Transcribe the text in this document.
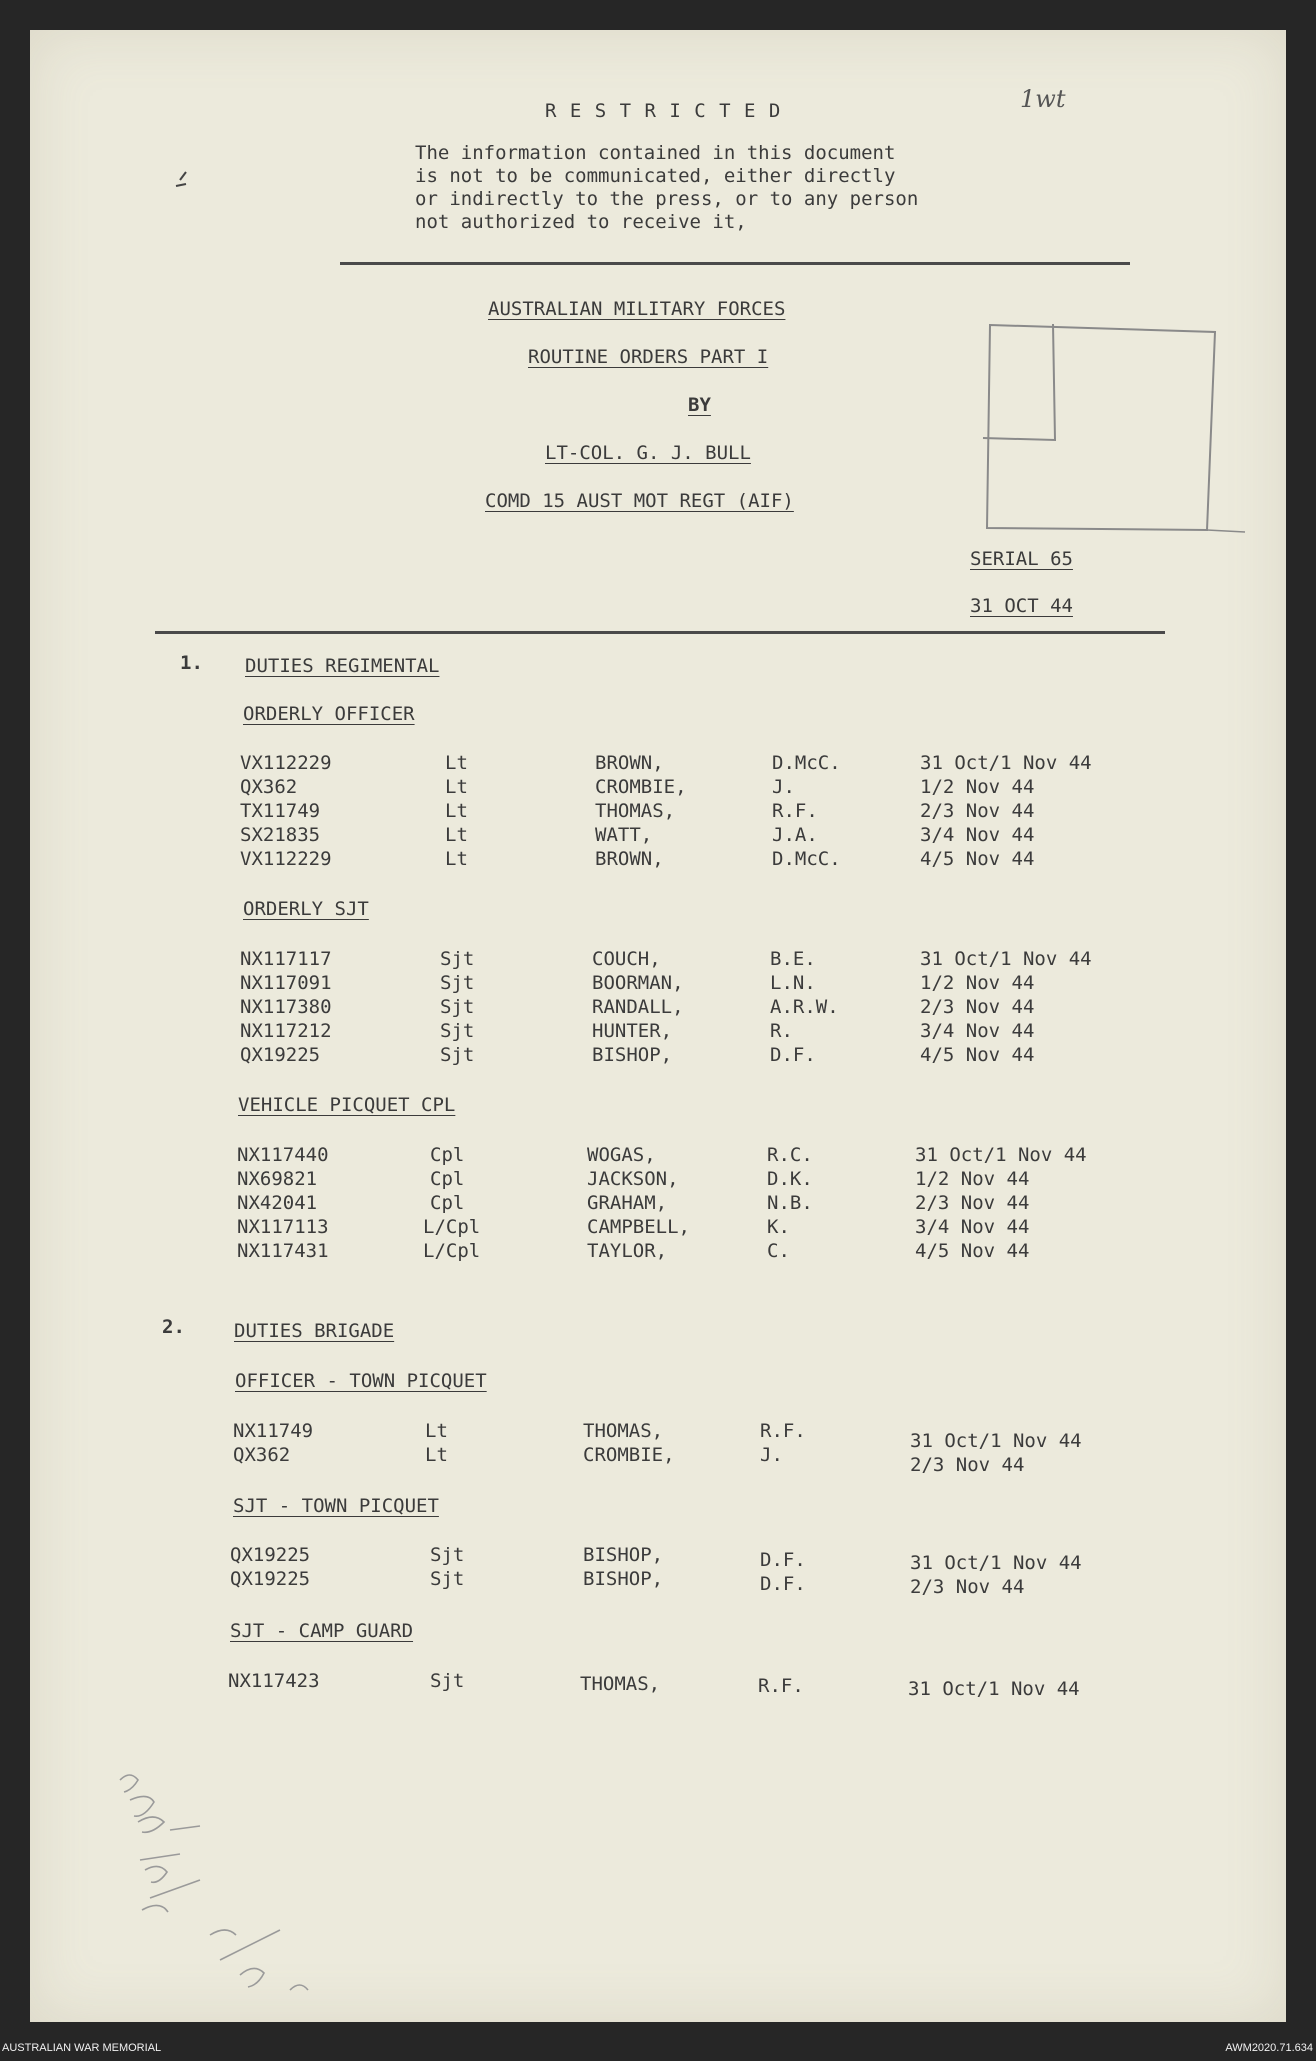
R E S T R I C T E D	1wt
The information contained in this document
is not to be communicated, either directly
or indirectly to the press, or to any person
not authorized to receive it,
AUSTRALIAN MILITARY FORCES
ROUTINE ORDERS PART I
BY
LT-COL. G. J. BULL
COMD 15 AUST MOT REGT (AIF)
SERIAL 65
31 OCT 44
1. DUTIES REGIMENTAL
ORDERLY OFFICER
VX112229	Lt	BROWN,	D.McC.	31 Oct/1 Nov 44
QX362	Lt	CROMBIE,	J.	1/2 Nov 44
TX11749	Lt	THOMAS,	R.F.	2/3 Nov 44
SX21835	Lt	WATT,	J.A.	3/4 Nov 44
VX112229	Lt	BROWN,	D.McC.	4/5 Nov 44
ORDERLY SJT
NX117117	Sjt	COUCH,	B.E.	31 Oct/1 Nov 44
NX117091	Sjt	BOORMAN,	L.N.	1/2 Nov 44
NX117380	Sjt	RANDALL,	A.R.W.	2/3 Nov 44
NX117212	Sjt	HUNTER,	R.	3/4 Nov 44
QX19225	Sjt	BISHOP,	D.F.	4/5 Nov 44
VEHICLE PICQUET CPL
NX117440	Cpl	WOGAS,	R.C.	31 Oct/1 Nov 44
NX69821	Cpl	JACKSON,	D.K.	1/2 Nov 44
NX42041	Cpl	GRAHAM,	N.B.	2/3 Nov 44
NX117113	L/Cpl	CAMPBELL,	K.	3/4 Nov 44
NX117431	L/Cpl	TAYLOR,	C.	4/5 Nov 44
2.	DUTIES BRIGADE
OFFICER - TOWN PICQUET
NX11749	Lt	THOMAS,	R.F.	31 Oct/1 Nov 44
QX362	Lt	CROMBIE,	J.	2/3 Nov 44
SJT - TOWN PICQUET
QX19225	Sjt	BISHOP,	D.F.	31 Oct/1 Nov 44
QX19225	Sjt	BISHOP,	D.F.	2/3 Nov 44
SJT - CAMP GUARD
NX117423	Sjt	THOMAS,	R.F.	31 Oct/1 Nov 44
AUSTRALIAN WAR MEMORIAL	AWM2020.71.634
